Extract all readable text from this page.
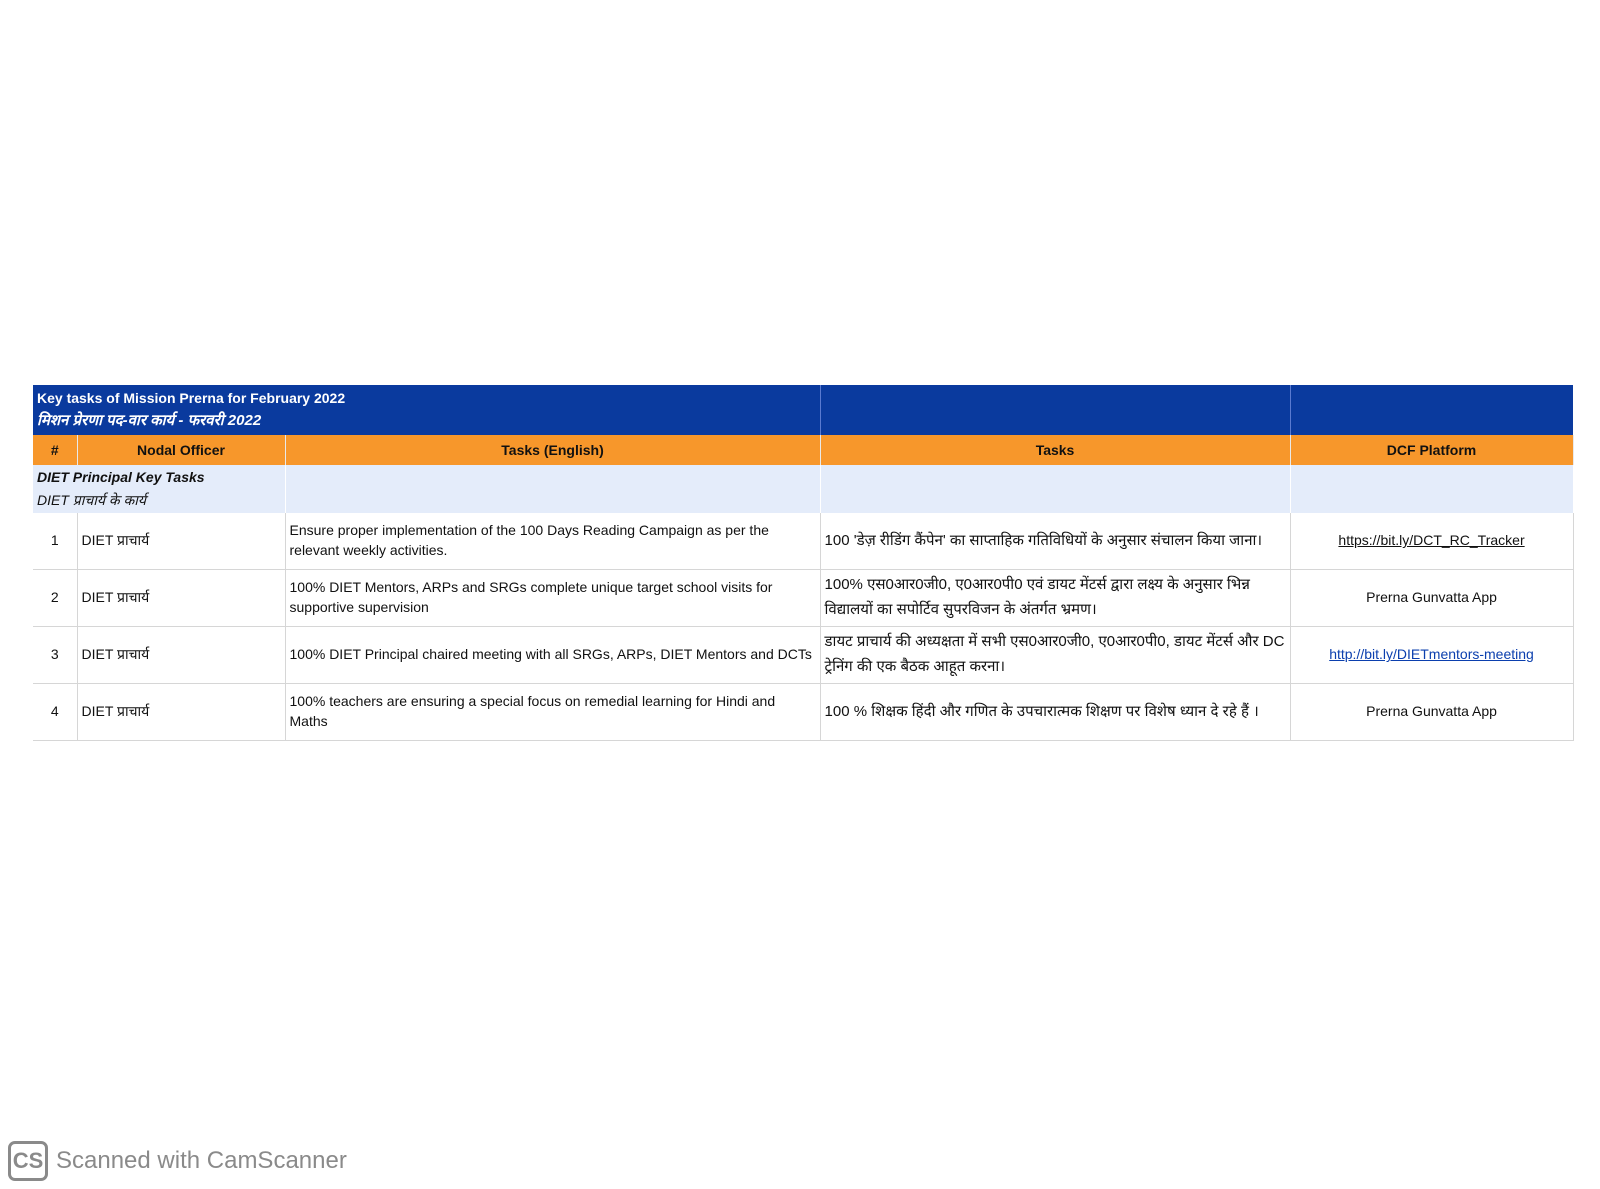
Key tasks of Mission Prerna for February 2022
मिशन प्रेरणा पद-वार कार्य - फरवरी 2022				

#	Nodal Officer	Tasks (English)	Tasks	DCF Platform

DIET Principal Key Tasks
DIET प्राचार्य के कार्य				

1	DIET प्राचार्य	Ensure proper implementation of the 100 Days Reading Campaign as per the relevant weekly activities.	100 'डेज़ रीडिंग कैंपेन' का साप्ताहिक गतिविधियों के अनुसार संचालन किया जाना।	https://bit.ly/DCT_RC_Tracker
2	DIET प्राचार्य	100% DIET Mentors, ARPs and SRGs complete unique target school visits for supportive supervision	100% एस0आर0जी0, ए0आर0पी0 एवं डायट मेंटर्स द्वारा लक्ष्य के अनुसार भिन्न विद्यालयों का सपोर्टिव सुपरविजन के अंतर्गत भ्रमण।	Prerna Gunvatta App
3	DIET प्राचार्य	100% DIET Principal chaired meeting with all SRGs, ARPs, DIET Mentors and DCTs	डायट प्राचार्य की अध्यक्षता में सभी एस0आर0जी0, ए0आर0पी0, डायट मेंटर्स और DC ट्रेनिंग की एक बैठक आहूत करना।	http://bit.ly/DIETmentors-meeting
4	DIET प्राचार्य	100% teachers are ensuring a special focus on remedial learning for Hindi and Maths	100 % शिक्षक हिंदी और गणित के उपचारात्मक शिक्षण पर विशेष ध्यान दे रहे हैं ।	Prerna Gunvatta App
CS Scanned with CamScanner
